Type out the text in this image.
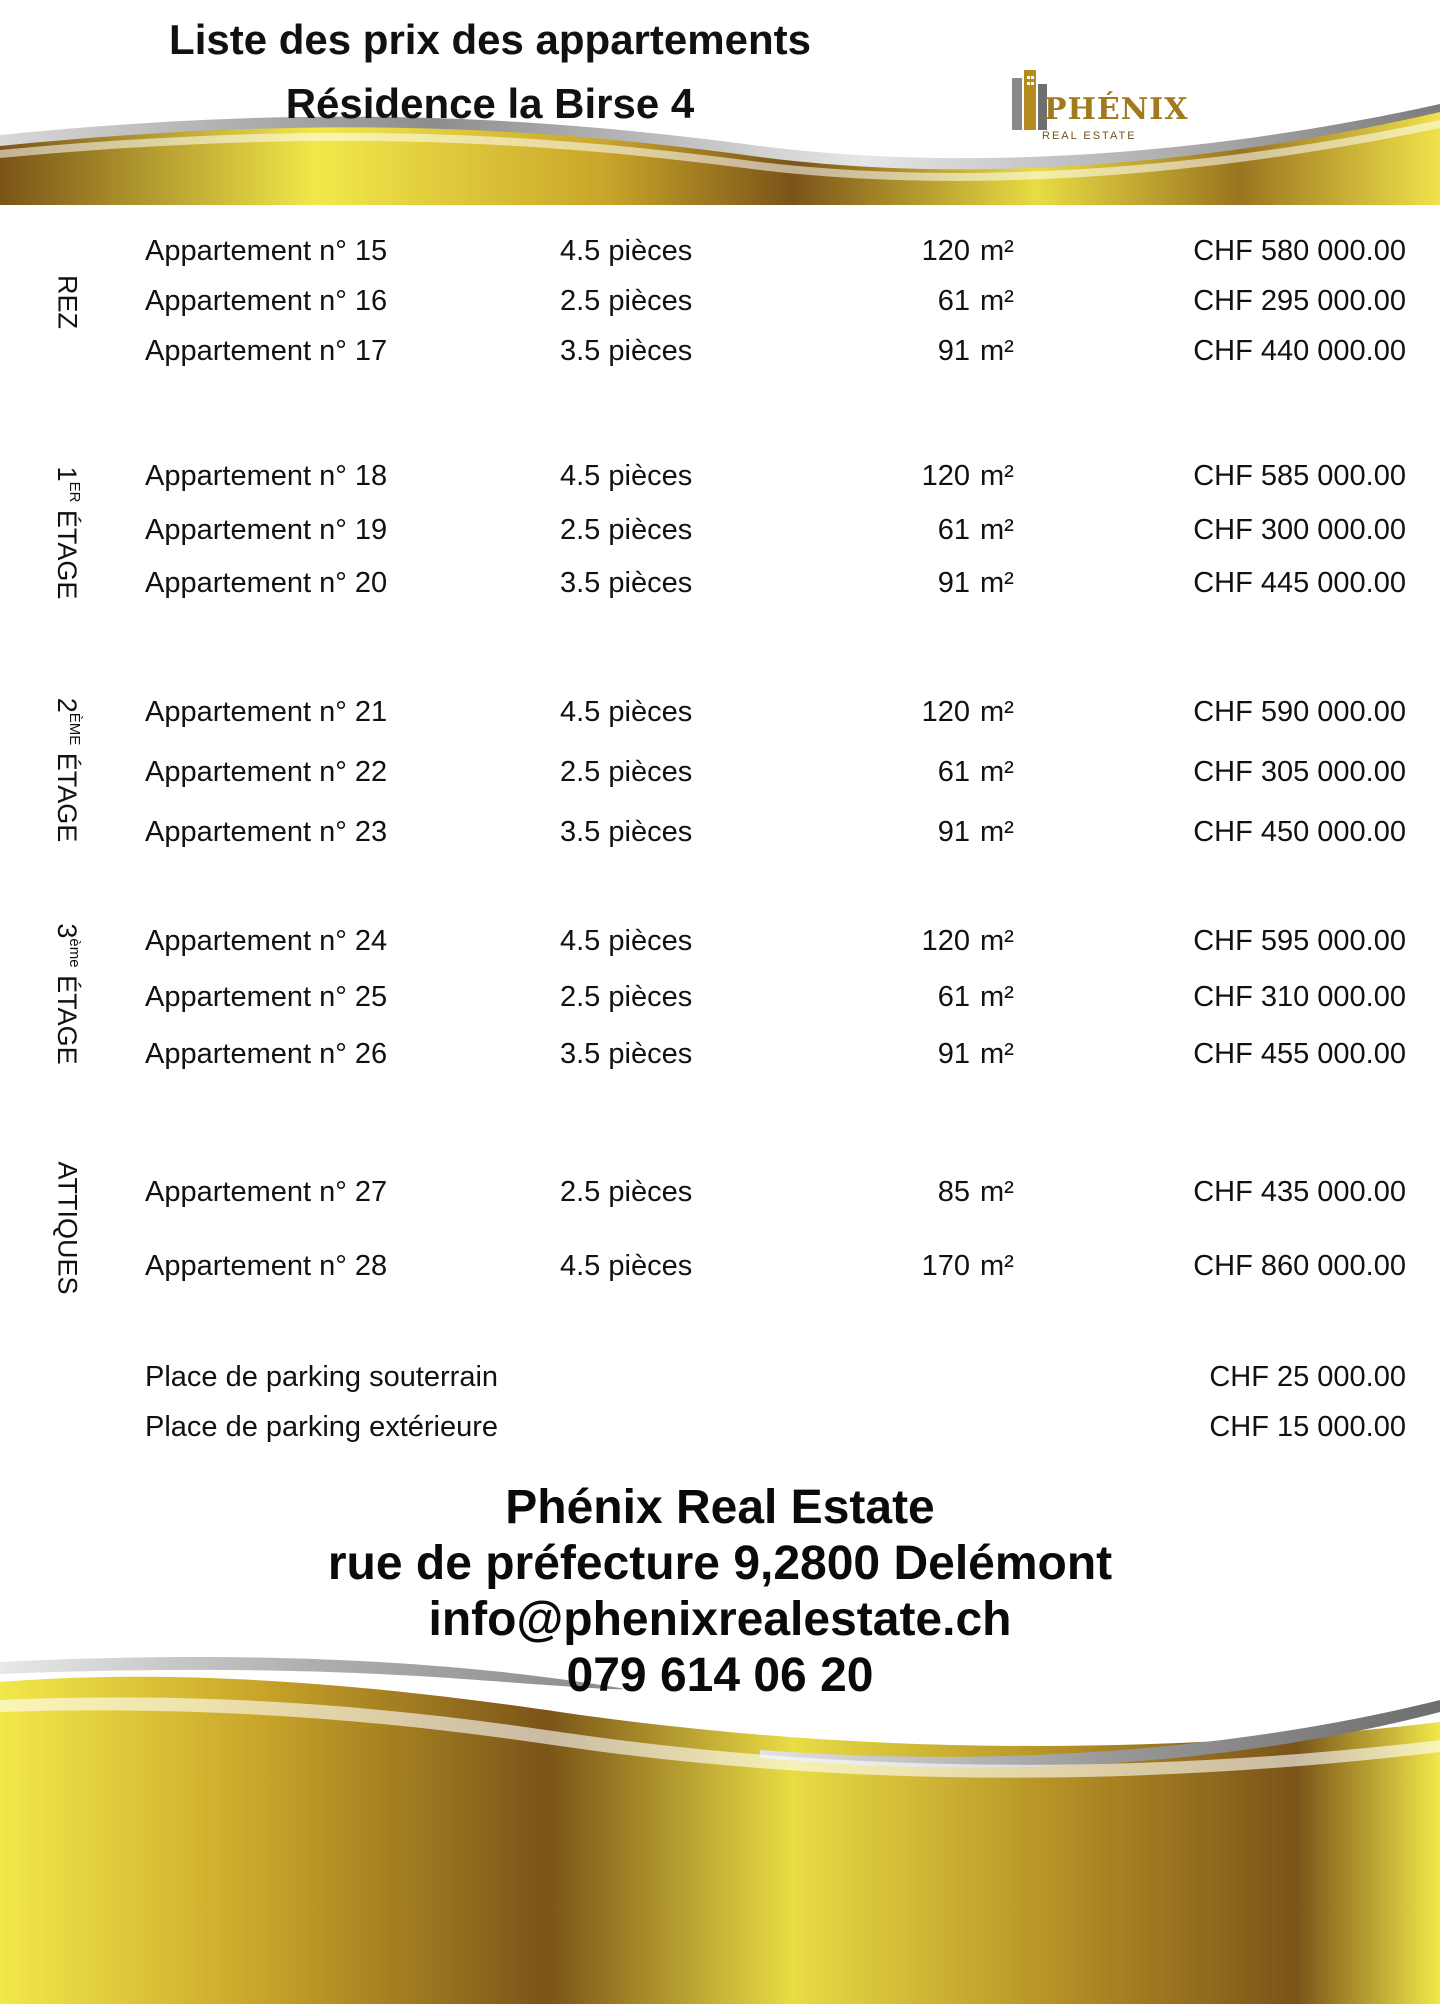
Liste des prix des appartements
Résidence la Birse 4	PHÉNIX
REAL ESTATE
REZ
1ER ÉTAGE
2ÈME ÉTAGE
3ème ÉTAGE
ATTIQUES
Appartement n° 15	4.5 pièces	120 m²	CHF 580 000.00
Appartement n° 16	2.5 pièces	61 m²	CHF 295 000.00
Appartement n° 17	3.5 pièces	91 m²	CHF 440 000.00
Appartement n° 18	4.5 pièces	120 m²	CHF 585 000.00
Appartement n° 19	2.5 pièces	61 m²	CHF 300 000.00
Appartement n° 20	3.5 pièces	91 m²	CHF 445 000.00
Appartement n° 21	4.5 pièces	120 m²	CHF 590 000.00
Appartement n° 22	2.5 pièces	61 m²	CHF 305 000.00
Appartement n° 23	3.5 pièces	91 m²	CHF 450 000.00
Appartement n° 24	4.5 pièces	120 m²	CHF 595 000.00
Appartement n° 25	2.5 pièces	61 m²	CHF 310 000.00
Appartement n° 26	3.5 pièces	91 m²	CHF 455 000.00
Appartement n° 27	2.5 pièces	85 m²	CHF 435 000.00
Appartement n° 28	4.5 pièces	170 m²	CHF 860 000.00
Place de parking souterrain	CHF 25 000.00
Place de parking extérieure	CHF 15 000.00
Phénix Real Estate
rue de préfecture 9,2800 Delémont
info@phenixrealestate.ch
079 614 06 20
